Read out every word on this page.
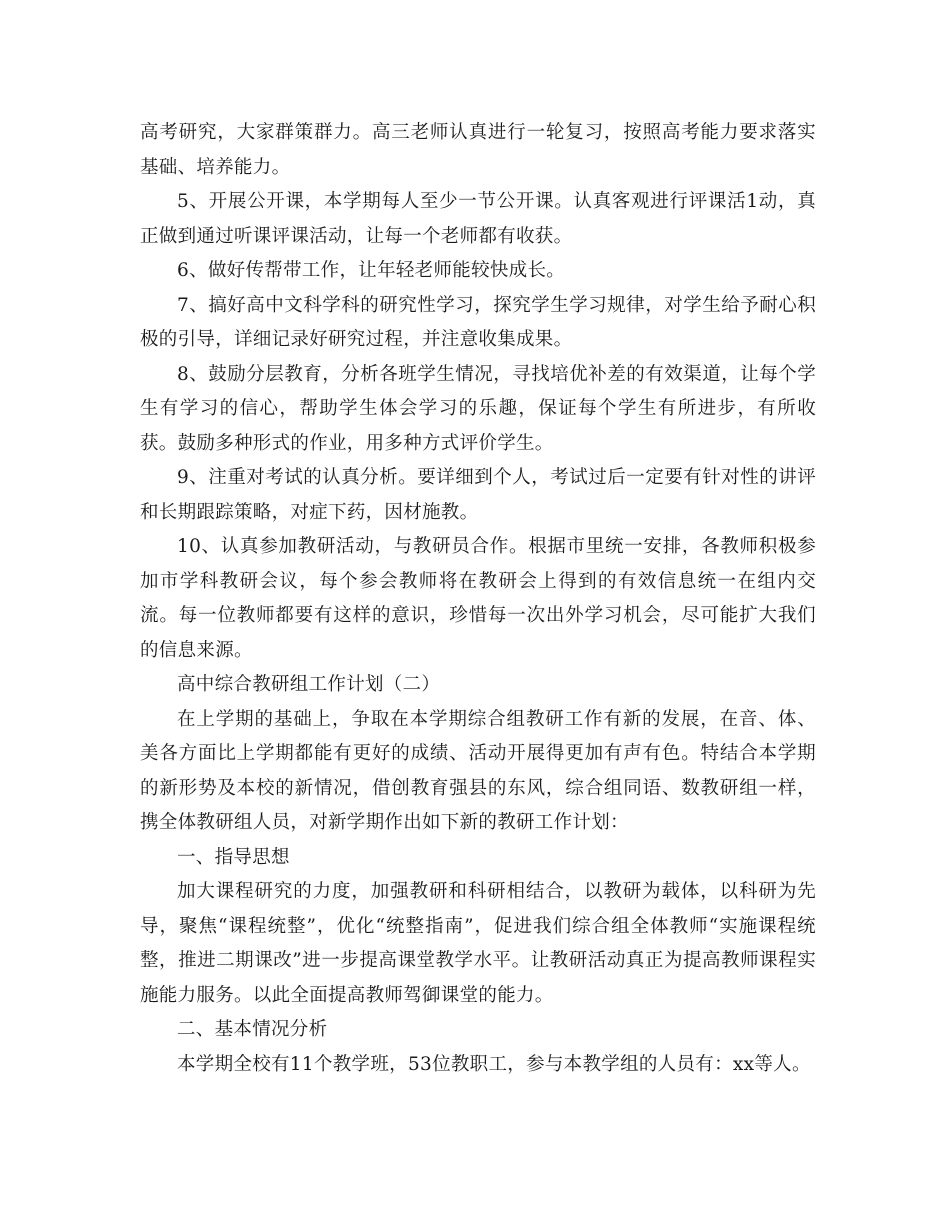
高考研究，大家群策群力。高三老师认真进行一轮复习，按照高考能力要求落实基础、培养能力。

5、开展公开课，本学期每人至少一节公开课。认真客观进行评课活1动，真正做到通过听课评课活动，让每一个老师都有收获。

6、做好传帮带工作，让年轻老师能较快成长。

7、搞好高中文科学科的研究性学习，探究学生学习规律，对学生给予耐心积极的引导，详细记录好研究过程，并注意收集成果。

8、鼓励分层教育，分析各班学生情况，寻找培优补差的有效渠道，让每个学生有学习的信心，帮助学生体会学习的乐趣，保证每个学生有所进步，有所收获。鼓励多种形式的作业，用多种方式评价学生。

9、注重对考试的认真分析。要详细到个人，考试过后一定要有针对性的讲评和长期跟踪策略，对症下药，因材施教。

10、认真参加教研活动，与教研员合作。根据市里统一安排，各教师积极参加市学科教研会议，每个参会教师将在教研会上得到的有效信息统一在组内交流。每一位教师都要有这样的意识，珍惜每一次出外学习机会，尽可能扩大我们的信息来源。

高中综合教研组工作计划（二）

在上学期的基础上，争取在本学期综合组教研工作有新的发展，在音、体、美各方面比上学期都能有更好的成绩、活动开展得更加有声有色。特结合本学期的新形势及本校的新情况，借创教育强县的东风，综合组同语、数教研组一样，携全体教研组人员，对新学期作出如下新的教研工作计划：

一、指导思想

加大课程研究的力度，加强教研和科研相结合，以教研为载体，以科研为先导，聚焦“课程统整”，优化“统整指南”，促进我们综合组全体教师“实施课程统整，推进二期课改”进一步提高课堂教学水平。让教研活动真正为提高教师课程实施能力服务。以此全面提高教师驾御课堂的能力。

二、基本情况分析

本学期全校有11个教学班，53位教职工，参与本教学组的人员有：xx等人。
